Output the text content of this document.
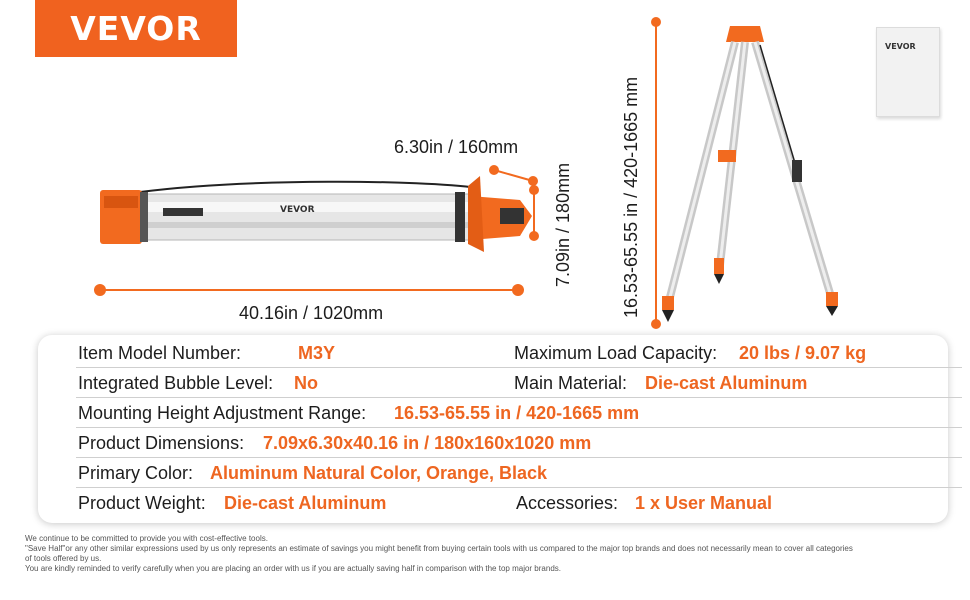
VEVOR
VEVOR
VEVOR
6.30in / 160mm
7.09in / 180mm
40.16in / 1020mm	16.53-65.55 in / 420-1665 mm
Item Model Number:	M3Y	Maximum Load Capacity: 20 lbs / 9.07 kg
Integrated Bubble Level: No	Main Material: Die-cast Aluminum
Mounting Height Adjustment Range: 16.53-65.55 in / 420-1665 mm
Product Dimensions: 7.09x6.30x40.16 in / 180x160x1020 mm
Primary Color: Aluminum Natural Color, Orange, Black
Product Weight: Die-cast Aluminum	Accessories: 1 x User Manual
We continue to be committed to provide you with cost-effective tools.
"Save Half"or any other similar expressions used by us only represents an estimate of savings you might benefit from buying certain tools with us compared to the major top brands and does not necessarily mean to cover all categories
of tools offered by us.
You are kindly reminded to verify carefully when you are placing an order with us if you are actually saving half in comparison with the top major brands.
